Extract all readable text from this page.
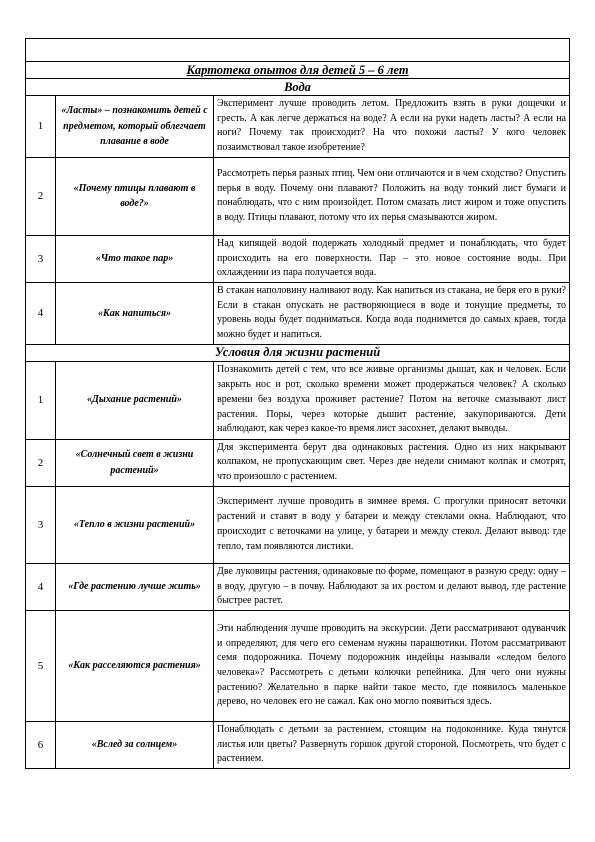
Картотека опытов для детей 5 – 6 лет		
Вода		
1	«Ласты» – познакомить детей с предметом, который облегчает плавание в воде	Эксперимент лучше проводить летом. Предложить взять в руки дощечки и гресть. А как легче держаться на воде? А если на руки надеть ласты? А если на ноги? Почему так происходит? На что похожи ласты? У кого человек позаимствовал такое изобретение?
2	«Почему птицы плавают в воде?»	Рассмотреть перья разных птиц. Чем они отличаются и в чем сходство? Опустить перья в воду. Почему они плавают? Положить на воду тонкий лист бумаги и понаблюдать, что с ним произойдет. Потом смазать лист жиром и тоже опустить в воду. Птицы плавают, потому что их перья смазываются жиром.
3	«Что такое пар»	Над кипящей водой подержать холодный предмет и понаблюдать, что будет происходить на его поверхности. Пар – это новое состояние воды. При охлаждении из пара получается вода.
4	«Как напиться»	В стакан наполовину наливают воду. Как напиться из стакана, не беря его в руки? Если в стакан опускать не растворяющиеся в воде и тонущие предметы, то уровень воды будет подниматься. Когда вода поднимется до самых краев, тогда можно будет и напиться.
Условия для жизни растений		
1	«Дыхание растений»	Познакомить детей с тем, что все живые организмы дышат, как и человек. Если закрыть нос и рот, сколько времени может продержаться человек? А сколько времени без воздуха проживет растение? Потом на веточке смазывают лист растения. Поры, через которые дышит растение, закупориваются. Дети наблюдают, как через какое-то время лист засохнет, делают выводы.
2	«Солнечный свет в жизни растений»	Для эксперимента берут два одинаковых растения. Одно из них накрывают колпаком, не пропускающим свет. Через две недели снимают колпак и смотрят, что произошло с растением.
3	«Тепло в жизни растений»	Эксперимент лучше проводить в зимнее время. С прогулки приносят веточки растений и ставят в воду у батареи и между стеклами окна. Наблюдают, что происходит с веточками на улице, у батареи и между стекол. Делают вывод: где тепло, там появляются листики.
4	«Где растению лучше жить»	Две луковицы растения, одинаковые по форме, помещают в разную среду: одну – в воду, другую – в почву. Наблюдают за их ростом и делают вывод, где растение быстрее растет.
5	«Как расселяются растения»	Эти наблюдения лучше проводить на экскурсии. Дети рассматривают одуванчик и определяют, для чего его семенам нужны парашютики. Потом рассматривают семя подорожника. Почему подорожник индейцы называли «следом белого человека»? Рассмотреть с детьми колючки репейника. Для чего они нужны растению? Желательно в парке найти такое место, где появилось маленькое дерево, но человек его не сажал. Как оно могло появиться здесь.
6	«Вслед за солнцем»	Понаблюдать с детьми за растением, стоящим на подоконнике. Куда тянутся листья или цветы? Развернуть горшок другой стороной. Посмотреть, что будет с растением.
